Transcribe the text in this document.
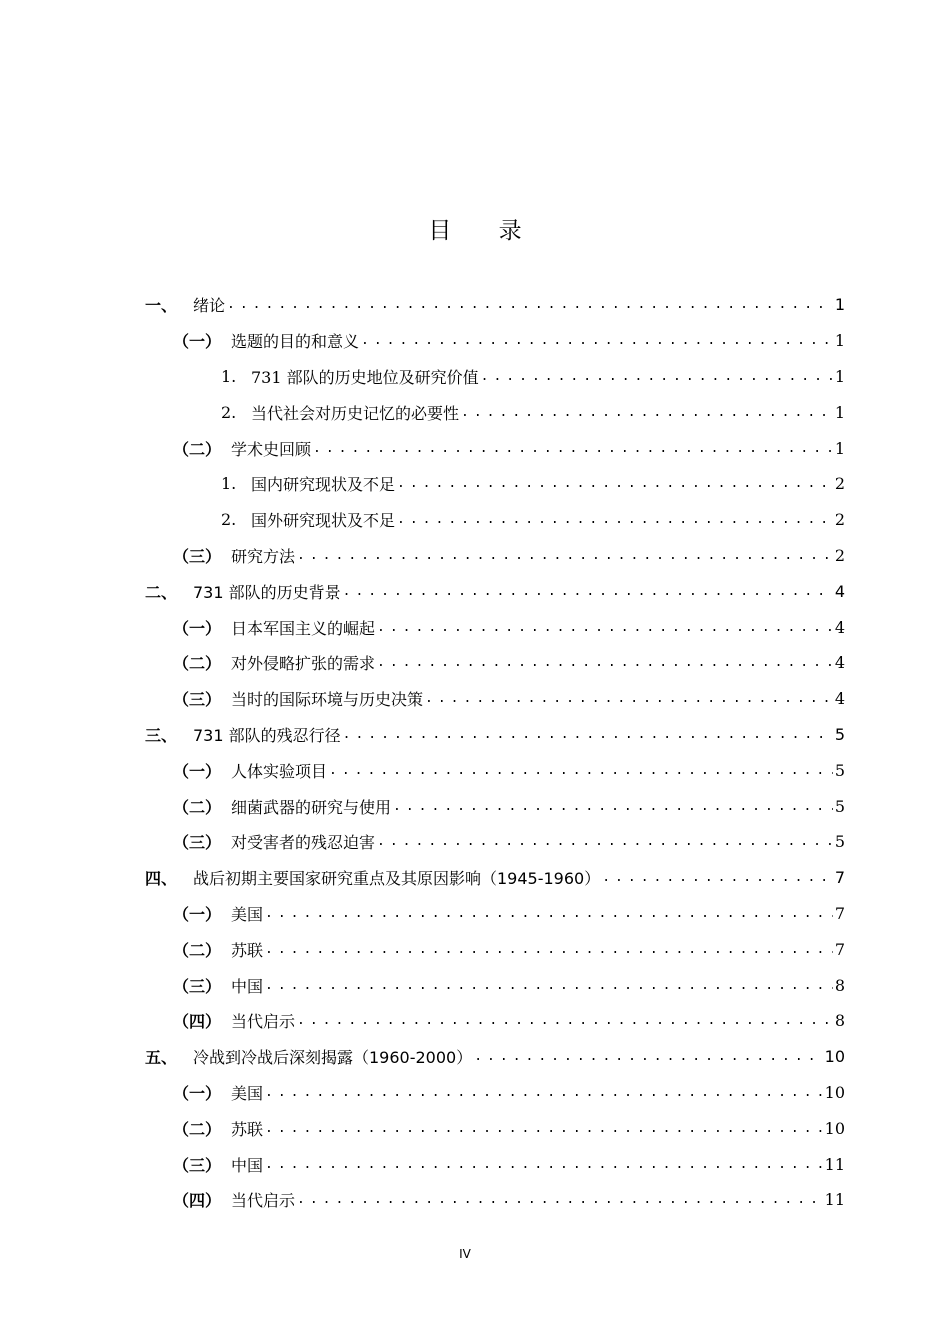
目 录
一、 绪论 .....	1
（一） 选题的目的和意义 .....	1
1. 731 部队的历史地位及研究价值 .....	1
2. 当代社会对历史记忆的必要性 .....	1
（二） 学术史回顾 .....	1
1. 国内研究现状及不足 .....	2
2. 国外研究现状及不足 .....	2
（三） 研究方法 .....	2
二、 731 部队的历史背景 .....	4
（一） 日本军国主义的崛起 .....	4
（二） 对外侵略扩张的需求 .....	4
（三） 当时的国际环境与历史决策 .....	4
三、 731 部队的残忍行径 .....	5
（一） 人体实验项目 .....	5
（二） 细菌武器的研究与使用 .....	5
（三） 对受害者的残忍迫害 .....	5
四、 战后初期主要国家研究重点及其原因影响（1945-1960） .....	7
（一） 美国 .....	7
（二） 苏联 .....	7
（三） 中国 .....	8
（四） 当代启示 .....	8
五、 冷战到冷战后深刻揭露（1960-2000） .....	10
（一） 美国 .....	10
（二） 苏联 .....	10
（三） 中国 .....	11
（四） 当代启示 .....	11
IV
